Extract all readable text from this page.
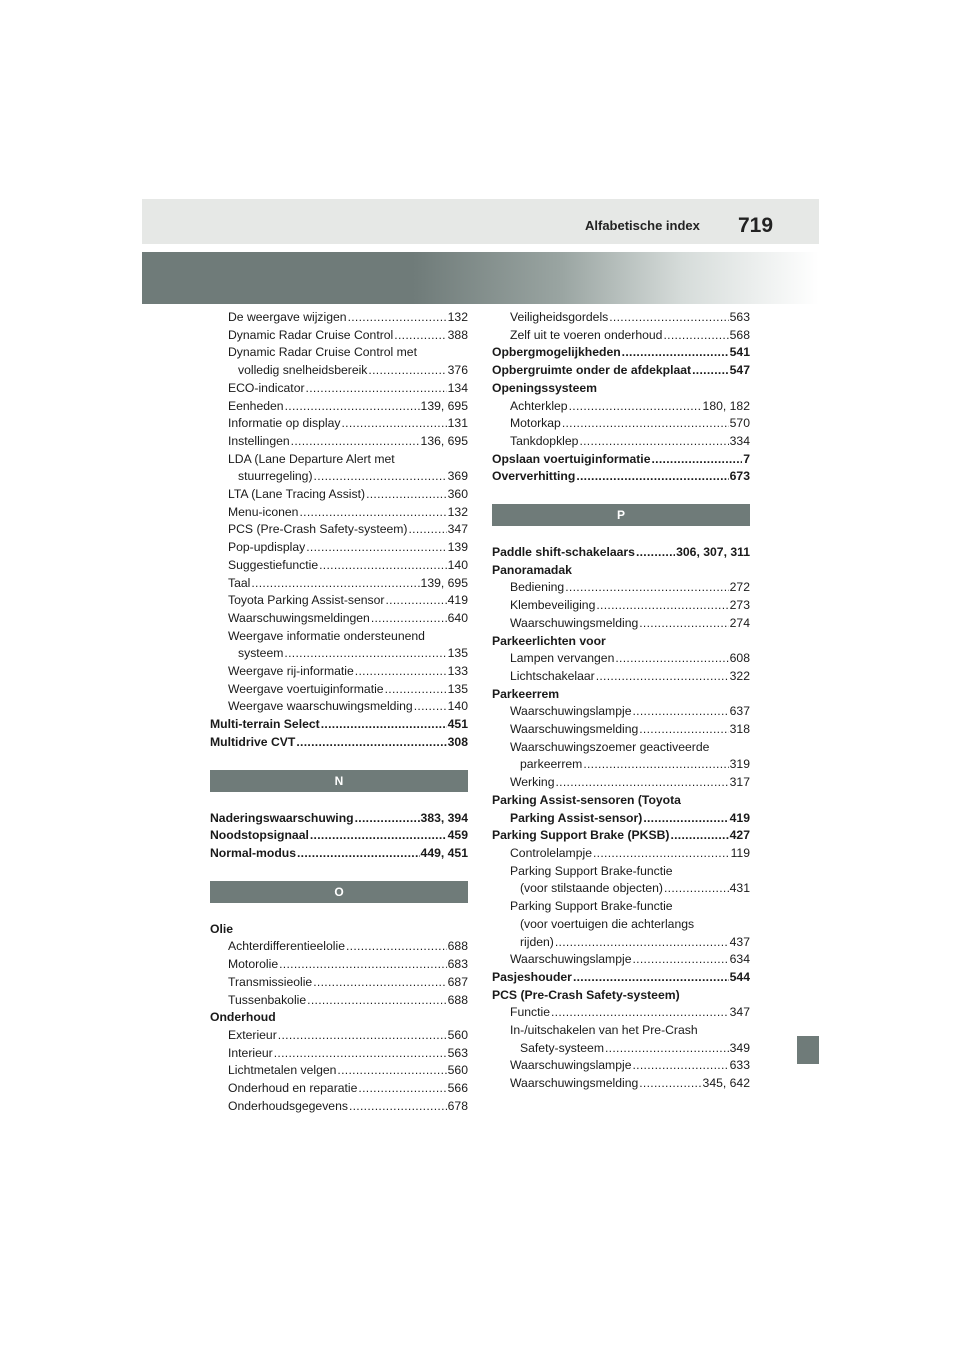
Alfabetische index 719
De weergave wijzigen .....	132
Dynamic Radar Cruise Control .....	388
Dynamic Radar Cruise Control met
volledig snelheidsbereik .....	376
ECO-indicator .....	134
Eenheden .....	139, 695
Informatie op display .....	131
Instellingen .....	136, 695
LDA (Lane Departure Alert met
stuurregeling) .....	369
LTA (Lane Tracing Assist) .....	360
Menu-iconen .....	132
PCS (Pre-Crash Safety-systeem) .....	347
Pop-updisplay .....	139
Suggestiefunctie .....	140
Taal .....	139, 695
Toyota Parking Assist-sensor .....	419
Waarschuwingsmeldingen .....	640
Weergave informatie ondersteunend
systeem .....	135
Weergave rij-informatie .....	133
Weergave voertuiginformatie .....	135
Weergave waarschuwingsmelding .....	140
Multi-terrain Select .....	451
Multidrive CVT .....	308
N
Naderingswaarschuwing .....	383, 394
Noodstopsignaal .....	459
Normal-modus .....	449, 451
O
Olie
Achterdifferentieelolie .....	688
Motorolie .....	683
Transmissieolie .....	687
Tussenbakolie .....	688
Onderhoud
Exterieur .....	560
Interieur .....	563
Lichtmetalen velgen .....	560
Onderhoud en reparatie .....	566
Onderhoudsgegevens .....	678
Veiligheidsgordels .....	563
Zelf uit te voeren onderhoud .....	568
Opbergmogelijkheden .....	541
Opbergruimte onder de afdekplaat .....	547
Openingssysteem
Achterklep .....	180, 182
Motorkap .....	570
Tankdopklep .....	334
Opslaan voertuiginformatie .....	7
Oververhitting .....	673
P
Paddle shift-schakelaars .....	306, 307, 311
Panoramadak
Bediening .....	272
Klembeveiliging .....	273
Waarschuwingsmelding .....	274
Parkeerlichten voor
Lampen vervangen .....	608
Lichtschakelaar .....	322
Parkeerrem
Waarschuwingslampje .....	637
Waarschuwingsmelding .....	318
Waarschuwingszoemer geactiveerde
parkeerrem .....	319
Werking .....	317
Parking Assist-sensoren (Toyota
Parking Assist-sensor) .....	419
Parking Support Brake (PKSB) .....	427
Controlelampje .....	119
Parking Support Brake-functie
(voor stilstaande objecten) .....	431
Parking Support Brake-functie
(voor voertuigen die achterlangs
rijden) .....	437
Waarschuwingslampje .....	634
Pasjeshouder .....	544
PCS (Pre-Crash Safety-systeem)
Functie .....	347
In-/uitschakelen van het Pre-Crash
Safety-systeem .....	349
Waarschuwingslampje .....	633
Waarschuwingsmelding .....	345, 642
